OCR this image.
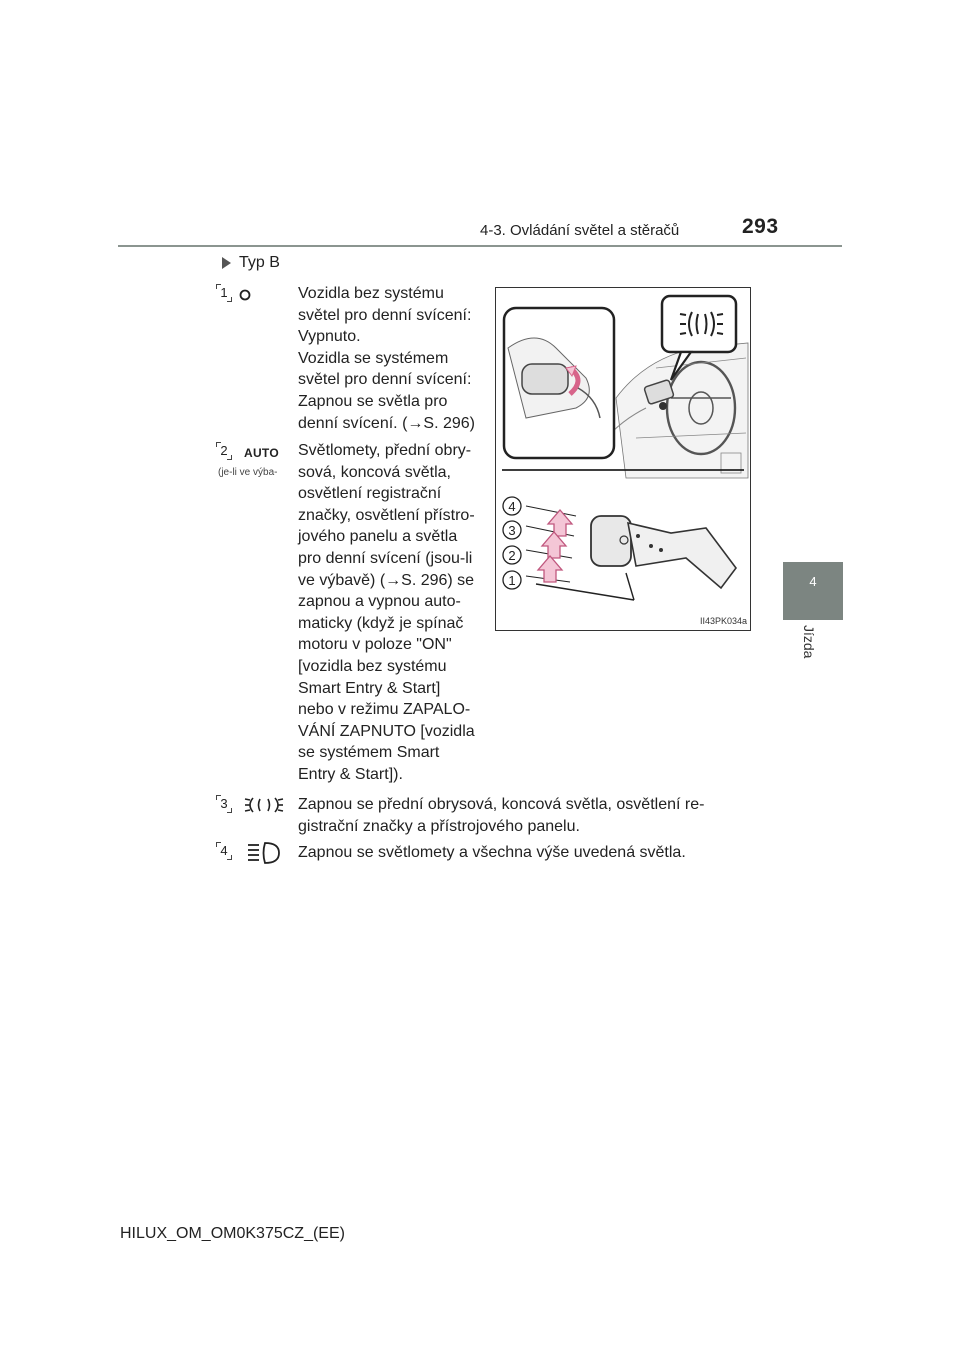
4-3. Ovládání světel a stěračů	293
4
Jízda
Typ B
1	Vozidla bez systému
světel pro denní svícení:
Vypnuto.
Vozidla se systémem
světel pro denní svícení:
Zapnou se světla pro
denní svícení. (→S. 296)
2 AUTO
(je-li ve výba-
Světlomety, přední obry-
sová, koncová světla,
osvětlení registrační
značky, osvětlení přístro-
jového panelu a světla
pro denní svícení (jsou-li
ve výbavě) (→S. 296) se
zapnou a vypnou auto-
maticky (když je spínač
motoru v poloze "ON"
[vozidla bez systému
Smart Entry & Start]
nebo v režimu ZAPALO-
VÁNÍ ZAPNUTO [vozidla
se systémem Smart
Entry & Start]).
3	Zapnou se přední obrysová, koncová světla, osvětlení re-
gistrační značky a přístrojového panelu.
4	Zapnou se světlomety a všechna výše uvedená světla.
4
3
2
1
II43PK034a
HILUX_OM_OM0K375CZ_(EE)
